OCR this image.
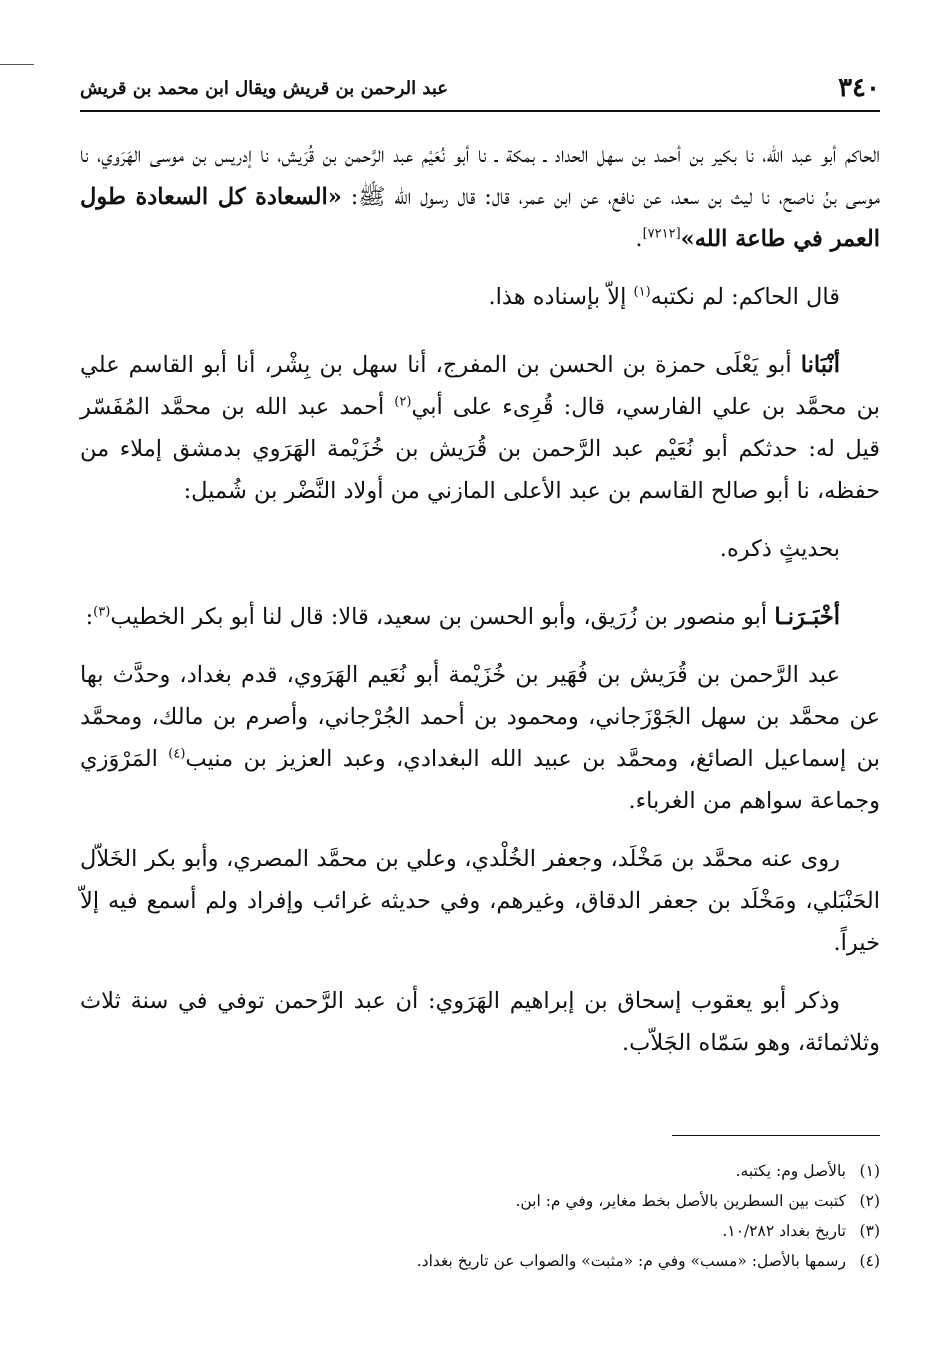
٣٤٠
عبد الرحمن بن قريش ويقال ابن محمد بن قريش

الحاكم أبو عبد الله، نا بكير بن أحمد بن سهل الحداد ـ بمكة ـ نا أبو نُعَيْم عبد الرَّحمن بن قُرَيش، نا إدريس بن موسى الهَرَوي، نا موسى بنُ ناصح، نا ليث بن سعد، عن نافع، عن ابن عمر، قال: قال رسول الله ﷺ: «السعادة كل السعادة طول العمر في طاعة الله»[٧٢١٢].

قال الحاكم: لم نكتبه$^{(١)}$ إلاّ بإسناده هذا.

أنْبَانا أبو يَعْلَى حمزة بن الحسن بن المفرج، أنا سهل بن بِشْر، أنا أبو القاسم علي بن محمَّد بن علي الفارسي، قال: قُرِىء على أبي$^{(٢)}$ أحمد عبد الله بن محمَّد المُفَسّر قيل له: حدثكم أبو نُعَيْم عبد الرَّحمن بن قُرَيش بن خُزَيْمة الهَرَوي بدمشق إملاء من حفظه، نا أبو صالح القاسم بن عبد الأعلى المازني من أولاد النَّضْر بن شُميل:

بحديثٍ ذكره.

أخْبَـرَنـا أبو منصور بن زُرَيق، وأبو الحسن بن سعيد، قالا: قال لنا أبو بكر الخطيب$^{(٣)}$:

عبد الرَّحمن بن قُرَيش بن فُهَير بن خُزَيْمة أبو نُعَيم الهَرَوي، قدم بغداد، وحدَّث بها عن محمَّد بن سهل الجَوْزَجاني، ومحمود بن أحمد الجُرْجاني، وأصرم بن مالك، ومحمَّد بن إسماعيل الصائغ، ومحمَّد بن عبيد الله البغدادي، وعبد العزيز بن منيب$^{(٤)}$ المَرْوَزي وجماعة سواهم من الغرباء.

روى عنه محمَّد بن مَخْلَد، وجعفر الخُلْدي، وعلي بن محمَّد المصري، وأبو بكر الخَلاّل الحَنْبَلي، ومَخْلَد بن جعفر الدقاق، وغيرهم، وفي حديثه غرائب وإفراد ولم أسمع فيه إلاّ خيراً.

وذكر أبو يعقوب إسحاق بن إبراهيم الهَرَوي: أن عبد الرَّحمن توفي في سنة ثلاث وثلاثمائة، وهو سَمّاه الجَلاّب.

(١)
بالأصل وم: يكتبه.
(٢)
كتبت بين السطرين بالأصل بخط مغاير، وفي م: ابن.
(٣)
تاريخ بغداد ١٠/٢٨٢.
(٤)
رسمها بالأصل: «مسب» وفي م: «مثبت» والصواب عن تاريخ بغداد.
